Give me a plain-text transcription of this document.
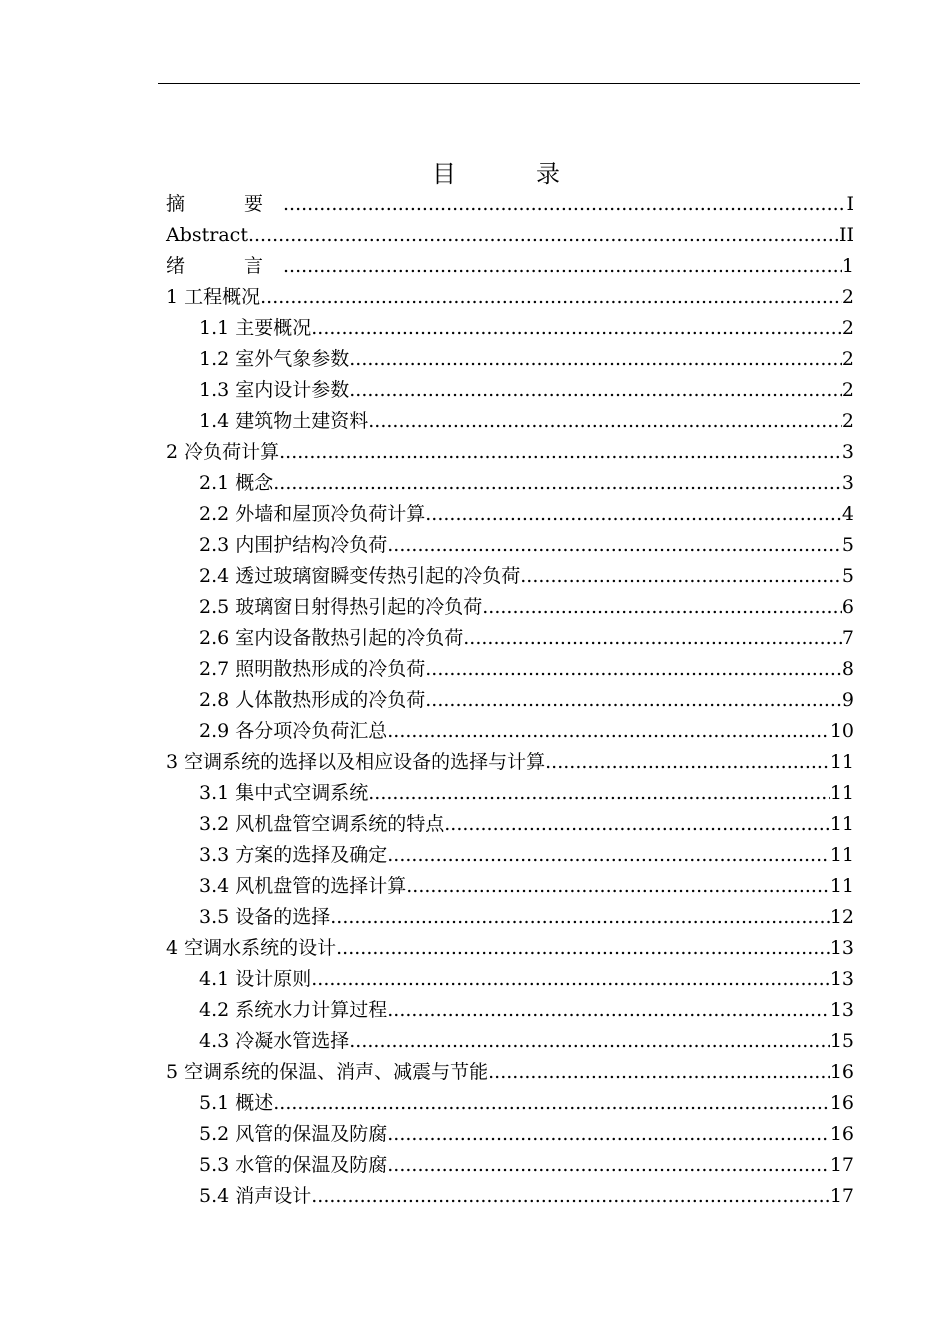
目　录
摘　要 .....	I
Abstract .....	II
绪　言 .....	1
1 工程概况 .....	2
1.1 主要概况 .....	2
1.2 室外气象参数 .....	2
1.3 室内设计参数 .....	2
1.4 建筑物土建资料 .....	2
2 冷负荷计算 .....	3
2.1 概念 .....	3
2.2 外墙和屋顶冷负荷计算 .....	4
2.3 内围护结构冷负荷 .....	5
2.4 透过玻璃窗瞬变传热引起的冷负荷 .....	5
2.5 玻璃窗日射得热引起的冷负荷 .....	6
2.6 室内设备散热引起的冷负荷 .....	7
2.7 照明散热形成的冷负荷 .....	8
2.8 人体散热形成的冷负荷 .....	9
2.9 各分项冷负荷汇总 .....	10
3 空调系统的选择以及相应设备的选择与计算 .....	11
3.1 集中式空调系统 .....	11
3.2 风机盘管空调系统的特点 .....	11
3.3 方案的选择及确定 .....	11
3.4 风机盘管的选择计算 .....	11
3.5 设备的选择 .....	12
4 空调水系统的设计 .....	13
4.1 设计原则 .....	13
4.2 系统水力计算过程 .....	13
4.3 冷凝水管选择 .....	15
5 空调系统的保温、消声、减震与节能 .....	16
5.1 概述 .....	16
5.2 风管的保温及防腐 .....	16
5.3 水管的保温及防腐 .....	17
5.4 消声设计 .....	17
